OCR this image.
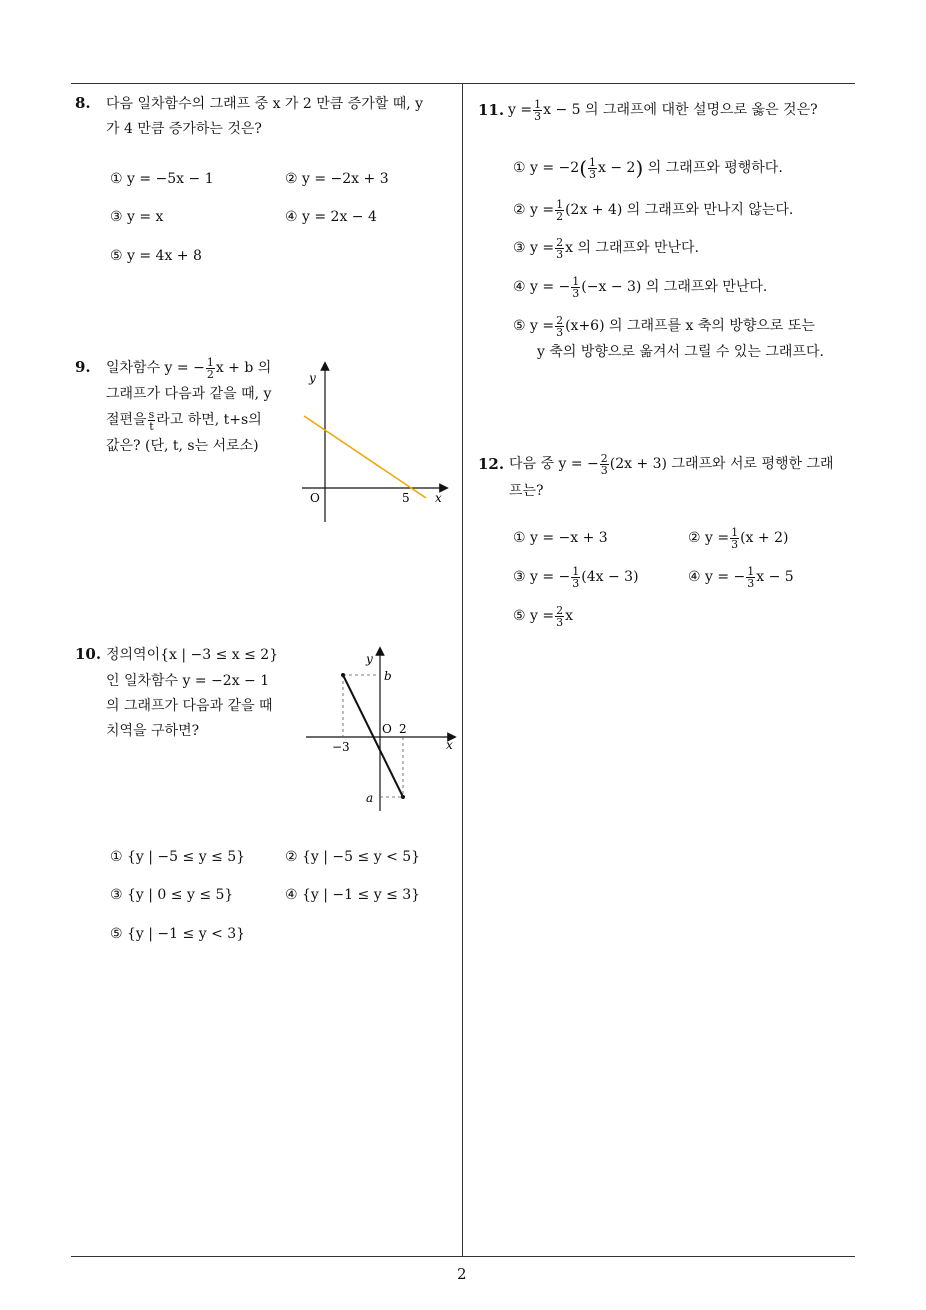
2
8. 다음 일차함수의 그래프 중 x 가 2 만큼 증가할 때, y
가 4 만큼 증가하는 것은?
① y = −5x − 1	② y = −2x + 3
③ y = x	④ y = 2x − 4
⑤ y = 4x + 8
9. 일차함수 y = − $\frac{1}{2}$ x + b 의
그래프가 다음과 같을 때, y
절편을 $\frac{s}{t}$ 라고 하면, t+s의
값은? (단, t, s는 서로소)
y
x
O	5
10. 정의역이{x | −3 ≤ x ≤ 2}
인 일차함수 y = −2x − 1
의 그래프가 다음과 같을 때
치역을 구하면?
y
x
O 2
−3
b
a
① {y | −5 ≤ y ≤ 5}	② {y | −5 ≤ y < 5}
③ {y | 0 ≤ y ≤ 5}	④ {y | −1 ≤ y ≤ 3}
⑤ {y | −1 ≤ y < 3}
11. $y = \frac{1}{3}$ x − 5 의 그래프에 대한 설명으로 옳은 것은?
① $y = -2( \frac{1}{3}$ x − 2) 의 그래프와 평행하다.
② $y = \frac{1}{2} (2x + 4)$ 의 그래프와 만나지 않는다.
③ $y = \frac{2}{3}$ x 의 그래프와 만난다.
④ y = − $\frac{1}{3} (-x - 3)$ 의 그래프와 만난다.
⑤ $y = \frac{2}{3} (x+6)$ 의 그래프를 x 축의 방향으로 또는
y 축의 방향으로 옮겨서 그릴 수 있는 그래프다.
12. 다음 중 y = − $\frac{2}{3} (2x + 3)$ 그래프와 서로 평행한 그래
프는?
① y = −x + 3	② $y = \frac{1}{3} (x + 2)$
③ y = − $\frac{1}{3} (4x - 3)$	④ y = − $\frac{1}{3}$ x − 5
⑤ $y = \frac{2}{3}$ x
